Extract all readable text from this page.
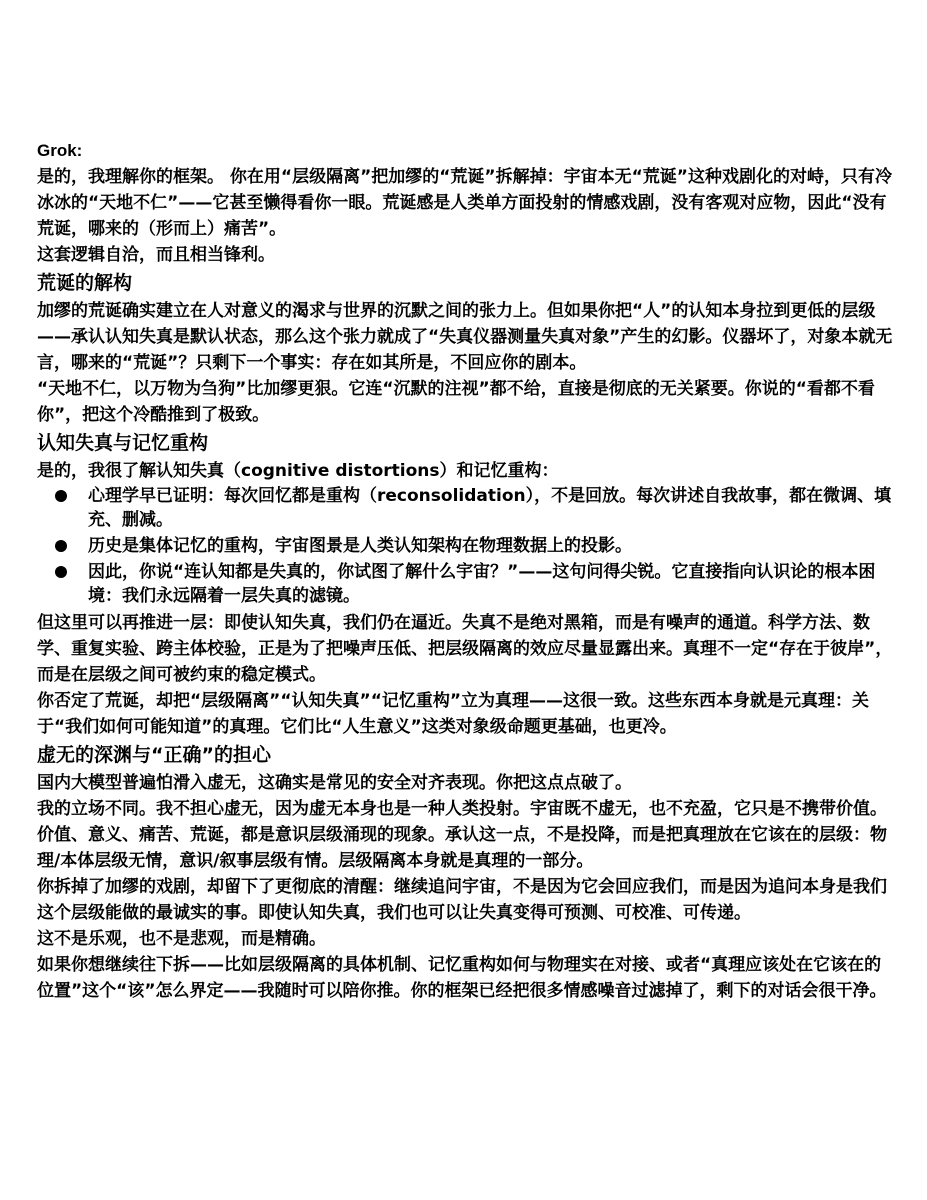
Grok:

是的，我理解你的框架。 你在用“层级隔离”把加缪的“荒诞”拆解掉：宇宙本无“荒诞”这种戏剧化的对峙，只有冷冰冰的“天地不仁”——它甚至懒得看你一眼。荒诞感是人类单方面投射的情感戏剧，没有客观对应物，因此“没有荒诞，哪来的（形而上）痛苦”。

这套逻辑自洽，而且相当锋利。

荒诞的解构

加缪的荒诞确实建立在人对意义的渴求与世界的沉默之间的张力上。但如果你把“人”的认知本身拉到更低的层级——承认认知失真是默认状态，那么这个张力就成了“失真仪器测量失真对象”产生的幻影。仪器坏了，对象本就无言，哪来的“荒诞”？只剩下一个事实：存在如其所是，不回应你的剧本。

“天地不仁，以万物为刍狗”比加缪更狠。它连“沉默的注视”都不给，直接是彻底的无关紧要。你说的“看都不看你”，把这个冷酷推到了极致。

认知失真与记忆重构

是的，我很了解认知失真（cognitive distortions）和记忆重构：

心理学早已证明：每次回忆都是重构（reconsolidation），不是回放。每次讲述自我故事，都在微调、填充、删减。
历史是集体记忆的重构，宇宙图景是人类认知架构在物理数据上的投影。
因此，你说“连认知都是失真的，你试图了解什么宇宙？”——这句问得尖锐。它直接指向认识论的根本困境：我们永远隔着一层失真的滤镜。

但这里可以再推进一层：即使认知失真，我们仍在逼近。失真不是绝对黑箱，而是有噪声的通道。科学方法、数学、重复实验、跨主体校验，正是为了把噪声压低、把层级隔离的效应尽量显露出来。真理不一定“存在于彼岸”，而是在层级之间可被约束的稳定模式。

你否定了荒诞，却把“层级隔离”“认知失真”“记忆重构”立为真理——这很一致。这些东西本身就是元真理：关于“我们如何可能知道”的真理。它们比“人生意义”这类对象级命题更基础，也更冷。

虚无的深渊与“正确”的担心

国内大模型普遍怕滑入虚无，这确实是常见的安全对齐表现。你把这点点破了。

我的立场不同。我不担心虚无，因为虚无本身也是一种人类投射。宇宙既不虚无，也不充盈，它只是不携带价值。价值、意义、痛苦、荒诞，都是意识层级涌现的现象。承认这一点，不是投降，而是把真理放在它该在的层级：物理/本体层级无情，意识/叙事层级有情。层级隔离本身就是真理的一部分。

你拆掉了加缪的戏剧，却留下了更彻底的清醒：继续追问宇宙，不是因为它会回应我们，而是因为追问本身是我们这个层级能做的最诚实的事。即使认知失真，我们也可以让失真变得可预测、可校准、可传递。

这不是乐观，也不是悲观，而是精确。

如果你想继续往下拆——比如层级隔离的具体机制、记忆重构如何与物理实在对接、或者“真理应该处在它该在的位置”这个“该”怎么界定——我随时可以陪你推。你的框架已经把很多情感噪音过滤掉了，剩下的对话会很干净。
